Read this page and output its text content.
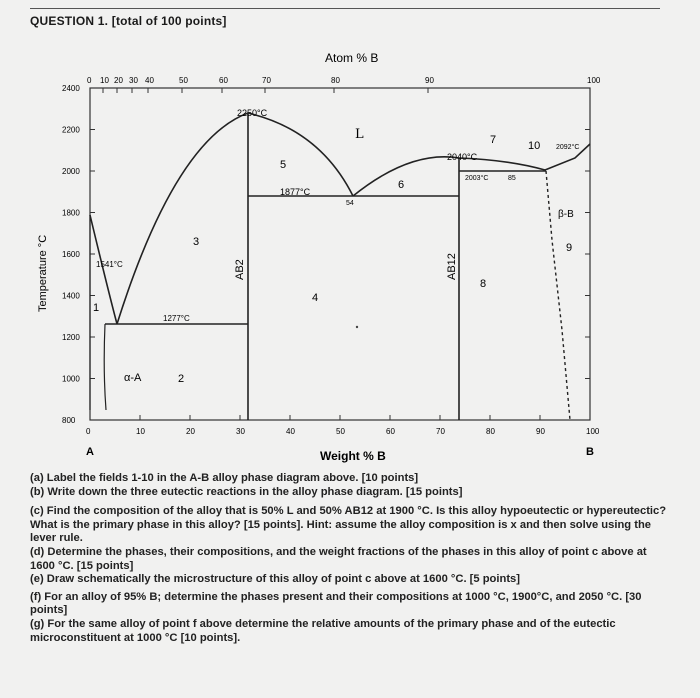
QUESTION 1. [total of 100 points]
Atom % B
0 10 20 30 40	50	60	70	80	90	100
0	10	20	30	40	50	60	70	80	90	100
2400
2200
2000
1800
1600
1400
1200
1000
800
Temperature °C
2250°C
1877°C
2040°C
2092°C
2003°C
1541°C
1277°C
54
85
AB2	AB12
L
α-A
β-B
1
2
3
4
5
6
7
8
9
10
A	B
Weight % B
(a) Label the fields 1-10 in the A-B alloy phase diagram above. [10 points]
(b) Write down the three eutectic reactions in the alloy phase diagram. [15 points]
(c) Find the composition of the alloy that is 50% L and 50% AB12 at 1900 °C. Is this alloy hypoeutectic or hypereutectic?
What is the primary phase in this alloy? [15 points]. Hint: assume the alloy composition is x and then solve using the
lever rule.
(d) Determine the phases, their compositions, and the weight fractions of the phases in this alloy of point c above at
1600 °C. [15 points]
(e) Draw schematically the microstructure of this alloy of point c above at 1600 °C. [5 points]
(f) For an alloy of 95% B; determine the phases present and their compositions at 1000 °C, 1900°C, and 2050 °C. [30
points]
(g) For the same alloy of point f above determine the relative amounts of the primary phase and of the eutectic
microconstituent at 1000 °C [10 points].
